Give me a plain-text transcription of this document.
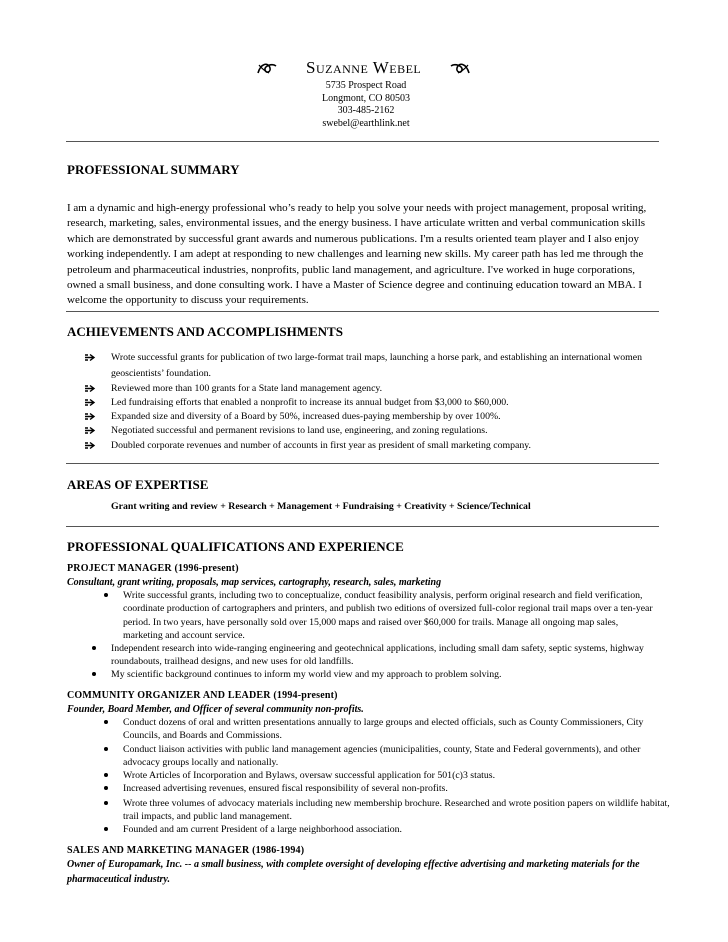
Suzanne Webel
5735 Prospect Road
Longmont, CO 80503
303-485-2162
swebel@earthlink.net
PROFESSIONAL SUMMARY
I am a dynamic and high-energy professional who’s ready to help you solve your needs with project management, proposal writing, research, marketing, sales, environmental issues, and the energy business. I have articulate written and verbal communication skills which are demonstrated by successful grant awards and numerous publications. I'm a results oriented team player and I also enjoy working independently. I am adept at responding to new challenges and learning new skills. My career path has led me through the petroleum and pharmaceutical industries, nonprofits, public land management, and agriculture. I've worked in huge corporations, owned a small business, and done consulting work. I have a Master of Science degree and continuing education toward an MBA. I welcome the opportunity to discuss your requirements.
ACHIEVEMENTS AND ACCOMPLISHMENTS
Wrote successful grants for publication of two large-format trail maps, launching a horse park, and establishing an international women geoscientists’ foundation.
Reviewed more than 100 grants for a State land management agency.
Led fundraising efforts that enabled a nonprofit to increase its annual budget from $3,000 to $60,000.
Expanded size and diversity of a Board by 50%, increased dues-paying membership by over 100%.
Negotiated successful and permanent revisions to land use, engineering, and zoning regulations.
Doubled corporate revenues and number of accounts in first year as president of small marketing company.
AREAS OF EXPERTISE
Grant writing and review + Research + Management + Fundraising + Creativity + Science/Technical
PROFESSIONAL QUALIFICATIONS AND EXPERIENCE
PROJECT MANAGER (1996-present)
Consultant, grant writing, proposals, map services, cartography, research, sales, marketing
Write successful grants, including two to conceptualize, conduct feasibility analysis, perform original research and field verification, coordinate production of cartographers and printers, and publish two editions of oversized full-color regional trail maps over a ten-year period. In two years, have personally sold over 15,000 maps and raised over $60,000 for trails. Manage all ongoing map sales, marketing and account service.
Independent research into wide-ranging engineering and geotechnical applications, including small dam safety, septic systems, highway roundabouts, trailhead designs, and new uses for old landfills.
My scientific background continues to inform my world view and my approach to problem solving.
COMMUNITY ORGANIZER AND LEADER (1994-present)
Founder, Board Member, and Officer of several community non-profits.
Conduct dozens of oral and written presentations annually to large groups and elected officials, such as County Commissioners, City Councils, and Boards and Commissions.
Conduct liaison activities with public land management agencies (municipalities, county, State and Federal governments), and other advocacy groups locally and nationally.
Wrote Articles of Incorporation and Bylaws, oversaw successful application for 501(c)3 status.
Increased advertising revenues, ensured fiscal responsibility of several non-profits.
Wrote three volumes of advocacy materials including new membership brochure. Researched and wrote position papers on wildlife habitat, trail impacts, and public land management.
Founded and am current President of a large neighborhood association.
SALES AND MARKETING MANAGER (1986-1994)
Owner of Europamark, Inc. -- a small business, with complete oversight of developing effective advertising and marketing materials for the pharmaceutical industry.
